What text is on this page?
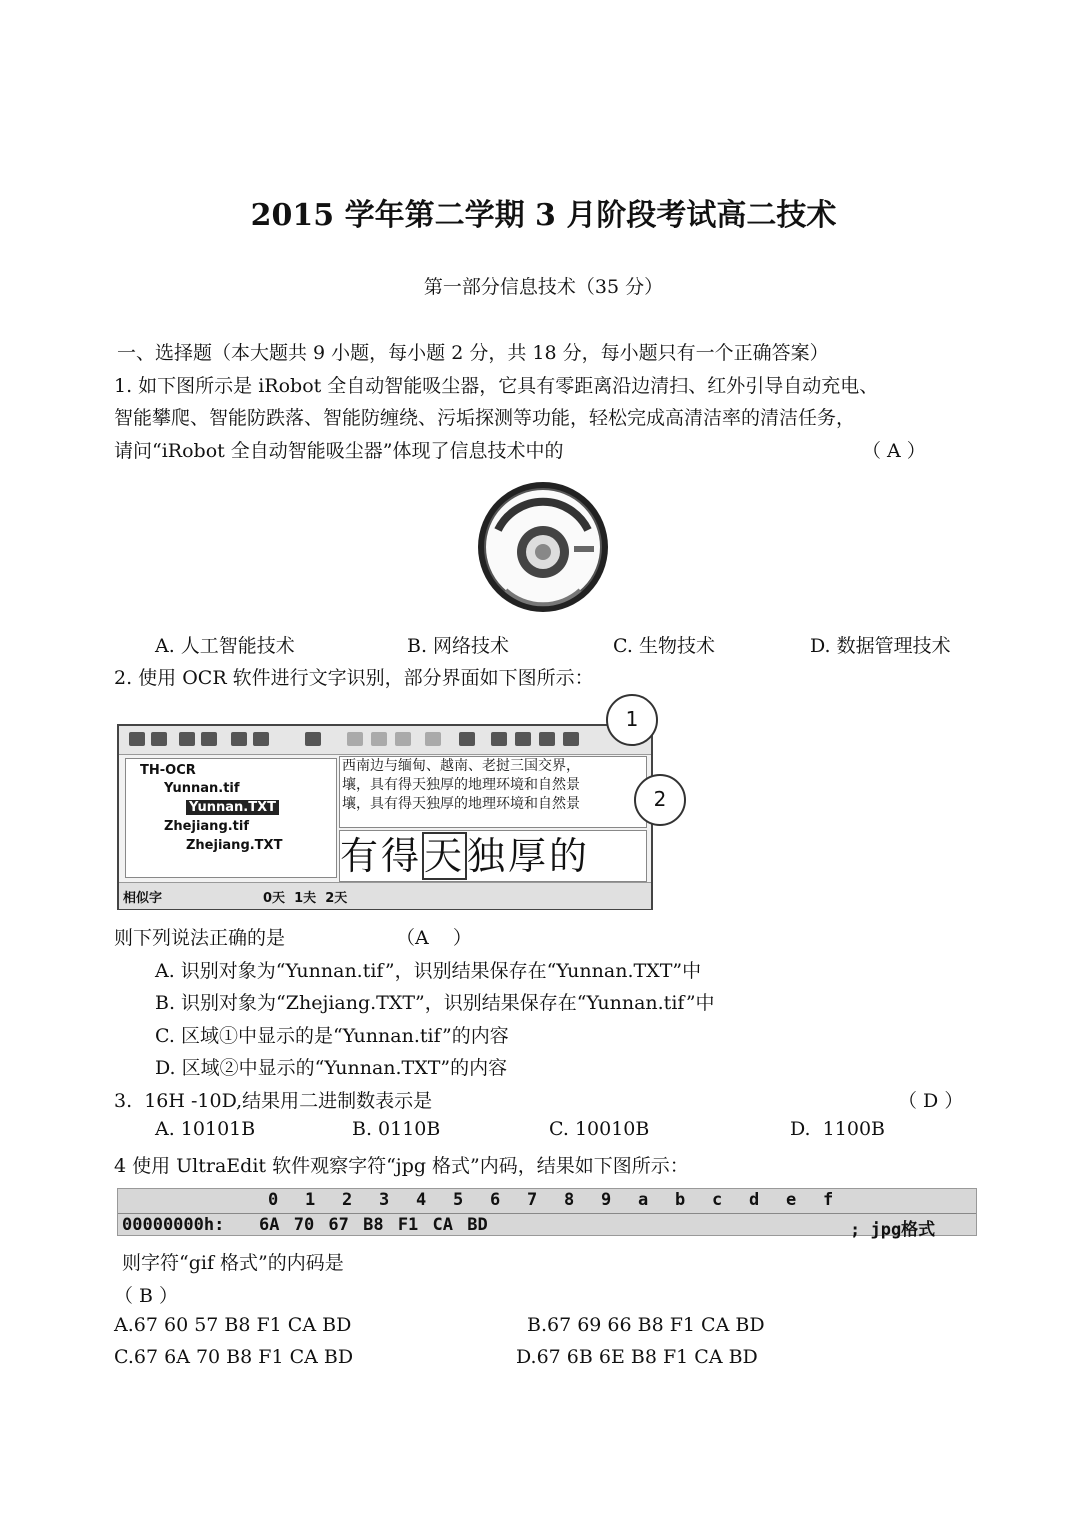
2015 学年第二学期 3 月阶段考试高二技术
第一部分信息技术（35 分）
一、选择题（本大题共 9 小题，每小题 2 分，共 18 分，每小题只有一个正确答案）
1. 如下图所示是 iRobot 全自动智能吸尘器，它具有零距离沿边清扫、红外引导自动充电、
智能攀爬、智能防跌落、智能防缠绕、污垢探测等功能，轻松完成高清洁率的清洁任务，
请问“iRobot 全自动智能吸尘器”体现了信息技术中的	（ A ）
A. 人工智能技术	B. 网络技术	C. 生物技术	D. 数据管理技术
2. 使用 OCR 软件进行文字识别，部分界面如下图所示：
TH-OCR
Yunnan.tif
Yunnan.TXT
Zhejiang.tif
Zhejiang.TXT
西南边与缅甸、越南、老挝三国交界，
壤，具有得天独厚的地理环境和自然景
壤，具有得天独厚的地理环境和自然景
有得天独厚的
相似字	0天  1夫  2天
1
2
则下列说法正确的是	（A    ）
A. 识别对象为“Yunnan.tif”，识别结果保存在“Yunnan.TXT”中
B. 识别对象为“Zhejiang.TXT”，识别结果保存在“Yunnan.tif”中
C. 区域①中显示的是“Yunnan.tif”的内容
D. 区域②中显示的“Yunnan.TXT”的内容
3.  16H -10D,结果用二进制数表示是	（ D ）
A. 10101B	B. 0110B	C. 10010B	D.  1100B
4 使用 UltraEdit 软件观察字符“jpg 格式”内码，结果如下图所示：
0 1 2 3 4 5 6 7 8 9 a b c d e f
00000000h: 6A 70 67 B8 F1 CA BD	; jpg格式
则字符“gif 格式”的内码是
（ B ）
A.67 60 57 B8 F1 CA BD	B.67 69 66 B8 F1 CA BD
C.67 6A 70 B8 F1 CA BD	D.67 6B 6E B8 F1 CA BD
